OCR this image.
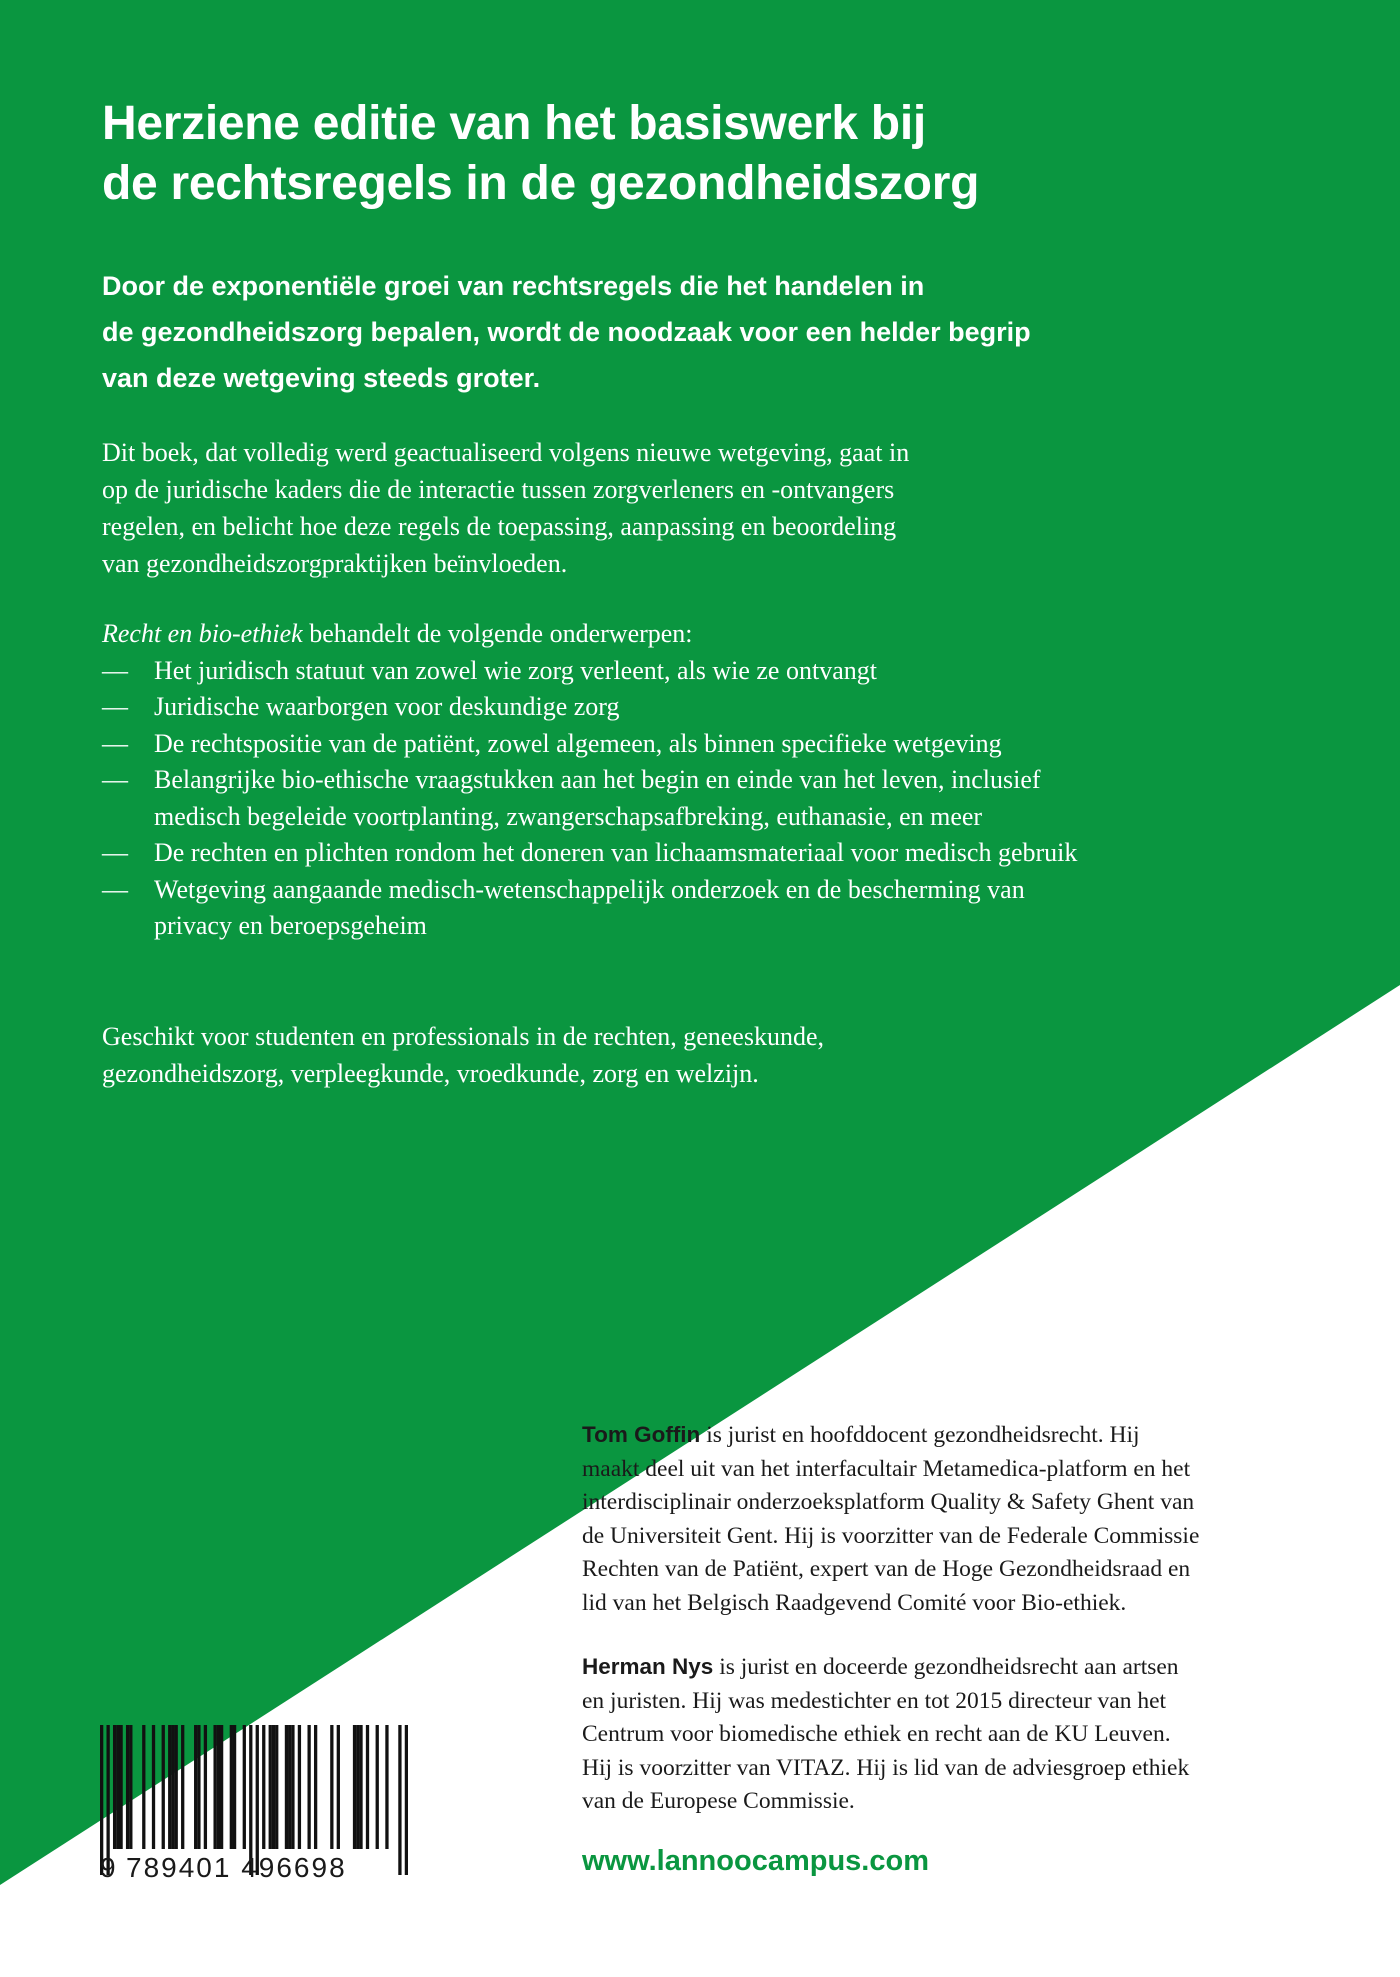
Herziene editie van het basiswerk bij
de rechtsregels in de gezondheidszorg

Door de exponentiële groei van rechtsregels die het handelen in
de gezondheidszorg bepalen, wordt de noodzaak voor een helder begrip
van deze wetgeving steeds groter.

Dit boek, dat volledig werd geactualiseerd volgens nieuwe wetgeving, gaat in
op de juridische kaders die de interactie tussen zorgverleners en -ontvangers
regelen, en belicht hoe deze regels de toepassing, aanpassing en beoordeling
van gezondheidszorgpraktijken beïnvloeden.

Recht en bio-ethiek behandelt de volgende onderwerpen:
— Het juridisch statuut van zowel wie zorg verleent, als wie ze ontvangt
— Juridische waarborgen voor deskundige zorg
— De rechtspositie van de patiënt, zowel algemeen, als binnen specifieke wetgeving
— Belangrijke bio-ethische vraagstukken aan het begin en einde van het leven, inclusief
medisch begeleide voortplanting, zwangerschapsafbreking, euthanasie, en meer
— De rechten en plichten rondom het doneren van lichaamsmateriaal voor medisch gebruik
— Wetgeving aangaande medisch-wetenschappelijk onderzoek en de bescherming van
privacy en beroepsgeheim

Geschikt voor studenten en professionals in de rechten, geneeskunde,
gezondheidszorg, verpleegkunde, vroedkunde, zorg en welzijn.

Tom Goffin is jurist en hoofddocent gezondheidsrecht. Hij
maakt deel uit van het interfacultair Metamedica-platform en het
interdisciplinair onderzoeksplatform Quality & Safety Ghent van
de Universiteit Gent. Hij is voorzitter van de Federale Commissie
Rechten van de Patiënt, expert van de Hoge Gezondheidsraad en
lid van het Belgisch Raadgevend Comité voor Bio-ethiek.

Herman Nys is jurist en doceerde gezondheidsrecht aan artsen
en juristen. Hij was medestichter en tot 2015 directeur van het
Centrum voor biomedische ethiek en recht aan de KU Leuven.
Hij is voorzitter van VITAZ. Hij is lid van de adviesgroep ethiek
van de Europese Commissie.

9 789401 496698	www.lannoocampus.com
